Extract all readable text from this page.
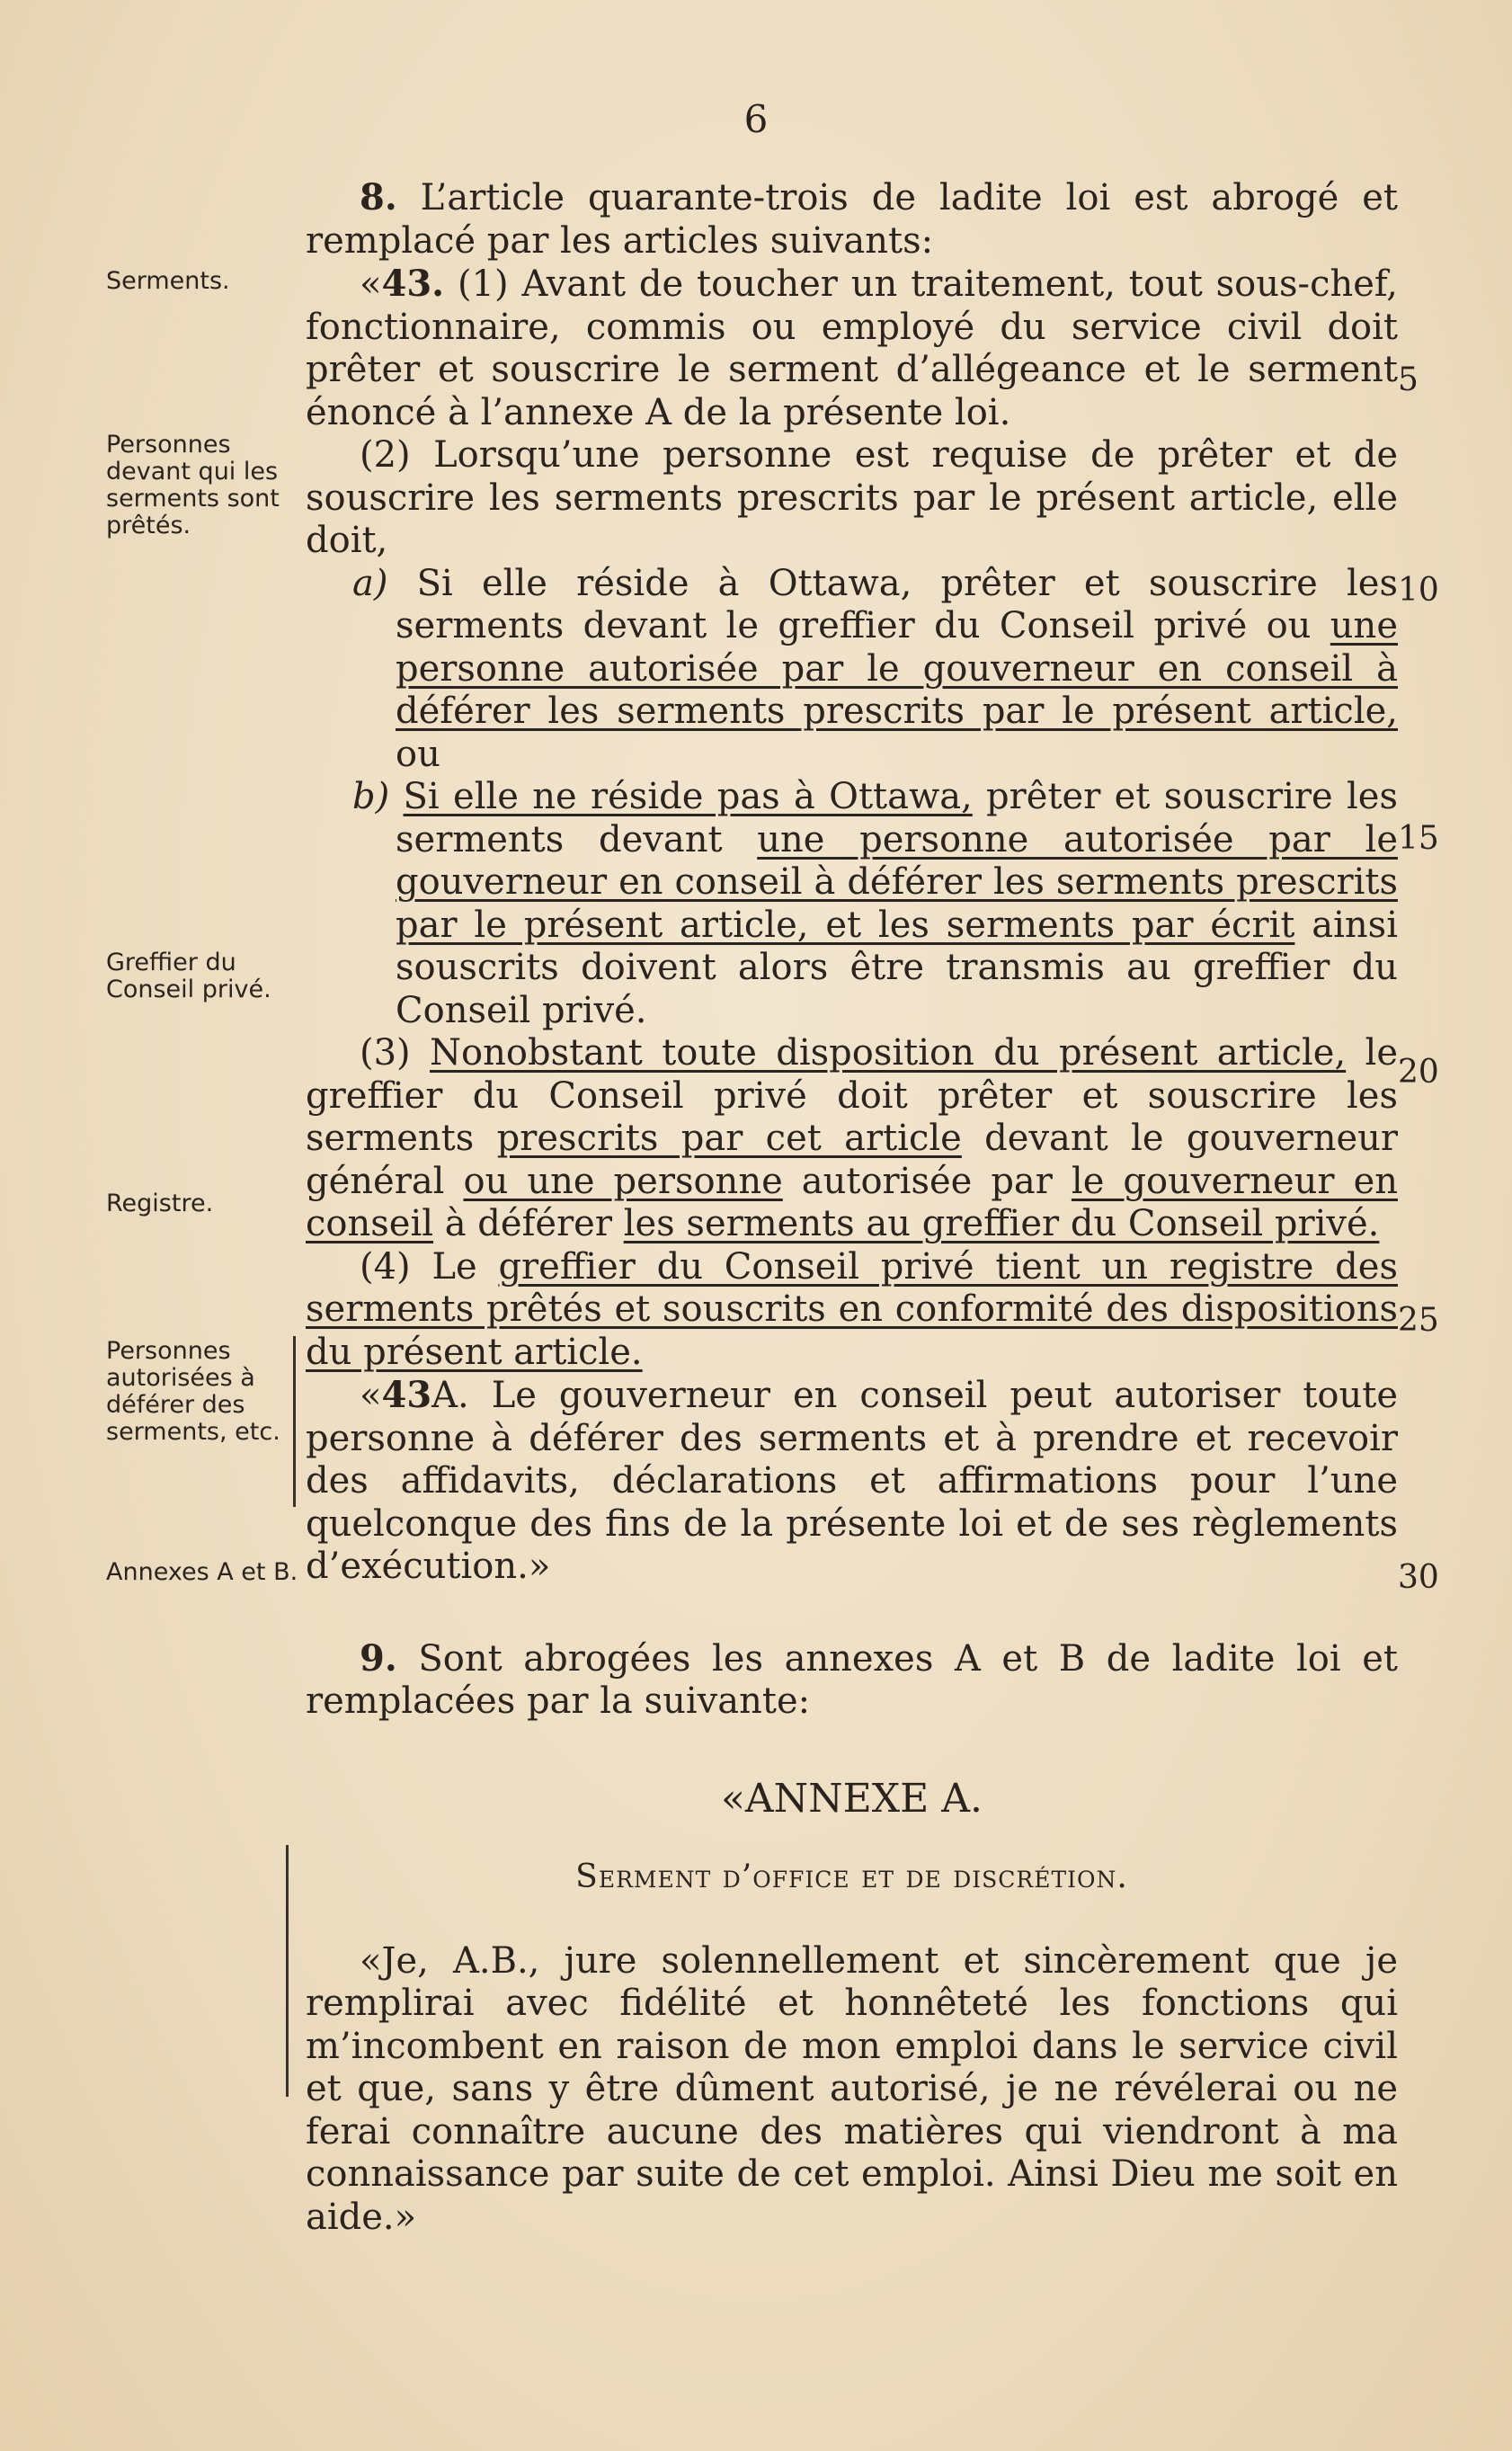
6
Serments.
Personnes devant qui les serments sont prêtés.
Greffier du Conseil privé.
Registre.
Personnes autorisées à déférer des serments, etc.
Annexes A et B.
5
10
15
20
25
30

8. L’article quarante-trois de ladite loi est abrogé et remplacé par les articles suivants:

«43. (1) Avant de toucher un traitement, tout sous-chef, fonctionnaire, commis ou employé du service civil doit prêter et souscrire le serment d’allégeance et le serment énoncé à l’annexe A de la présente loi.

(2) Lorsqu’une personne est requise de prêter et de souscrire les serments prescrits par le présent article, elle doit,

a) Si elle réside à Ottawa, prêter et souscrire les serments devant le greffier du Conseil privé ou une personne autorisée par le gouverneur en conseil à déférer les serments prescrits par le présent article, ou

b) Si elle ne réside pas à Ottawa, prêter et souscrire les serments devant une personne autorisée par le gouverneur en conseil à déférer les serments prescrits par le présent article, et les serments par écrit ainsi souscrits doivent alors être transmis au greffier du Conseil privé.

(3) Nonobstant toute disposition du présent article, le greffier du Conseil privé doit prêter et souscrire les serments prescrits par cet article devant le gouverneur général ou une personne autorisée par le gouverneur en conseil à déférer les serments au greffier du Conseil privé.

(4) Le greffier du Conseil privé tient un registre des serments prêtés et souscrits en conformité des dispositions du présent article.

«43A. Le gouverneur en conseil peut autoriser toute personne à déférer des serments et à prendre et recevoir des affidavits, déclarations et affirmations pour l’une quelconque des fins de la présente loi et de ses règlements d’exécution.»

9. Sont abrogées les annexes A et B de ladite loi et remplacées par la suivante:

«ANNEXE A.

Serment d’office et de discrétion.

«Je, A.B., jure solennellement et sincèrement que je remplirai avec fidélité et honnêteté les fonctions qui m’incombent en raison de mon emploi dans le service civil et que, sans y être dûment autorisé, je ne révélerai ou ne ferai connaître aucune des matières qui viendront à ma connaissance par suite de cet emploi. Ainsi Dieu me soit en aide.»
